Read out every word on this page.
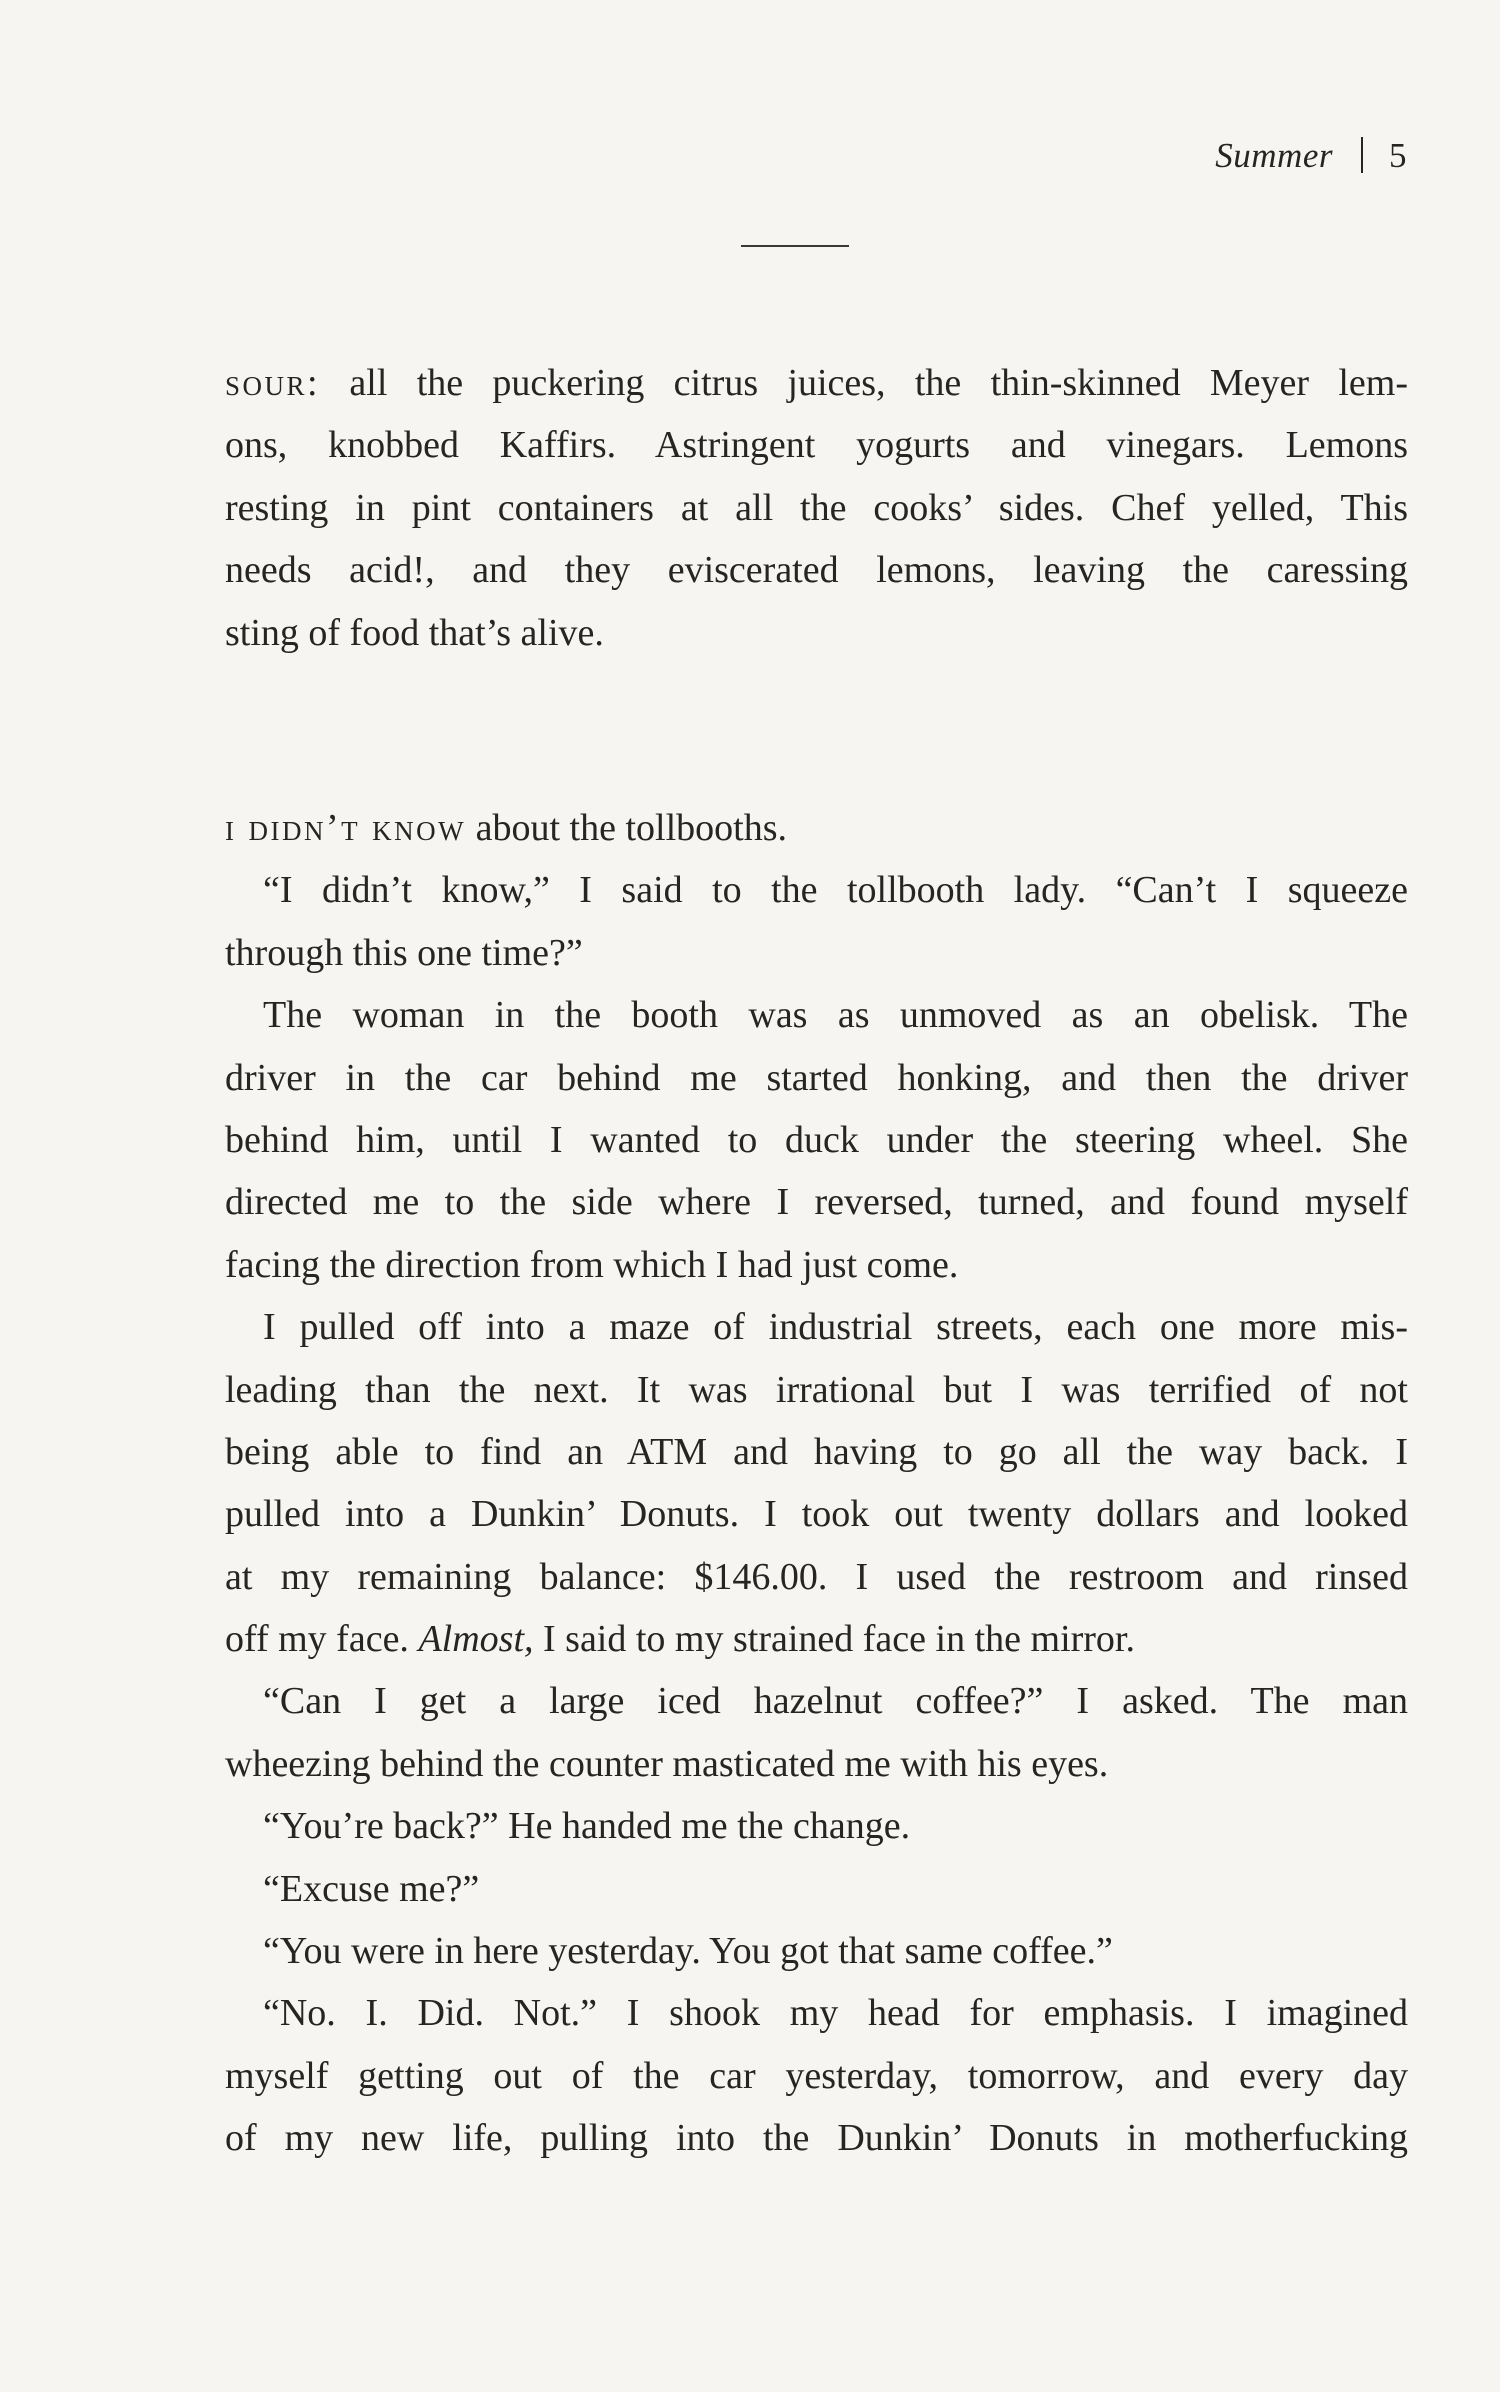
Summer 5
sour: all the puckering citrus juices, the thin-skinned Meyer lem-
ons, knobbed Kaffirs. Astringent yogurts and vinegars. Lemons
resting in pint containers at all the cooks’ sides. Chef yelled, This
needs acid!, and they eviscerated lemons, leaving the caressing
sting of food that’s alive.
i didn’t know about the tollbooths.
“I didn’t know,” I said to the tollbooth lady. “Can’t I squeeze
through this one time?”
The woman in the booth was as unmoved as an obelisk. The
driver in the car behind me started honking, and then the driver
behind him, until I wanted to duck under the steering wheel. She
directed me to the side where I reversed, turned, and found myself
facing the direction from which I had just come.
I pulled off into a maze of industrial streets, each one more mis-
leading than the next. It was irrational but I was terrified of not
being able to find an ATM and having to go all the way back. I
pulled into a Dunkin’ Donuts. I took out twenty dollars and looked
at my remaining balance: $146.00. I used the restroom and rinsed
off my face. Almost, I said to my strained face in the mirror.
“Can I get a large iced hazelnut coffee?” I asked. The man
wheezing behind the counter masticated me with his eyes.
“You’re back?” He handed me the change.
“Excuse me?”
“You were in here yesterday. You got that same coffee.”
“No. I. Did. Not.” I shook my head for emphasis. I imagined
myself getting out of the car yesterday, tomorrow, and every day
of my new life, pulling into the Dunkin’ Donuts in motherfucking
